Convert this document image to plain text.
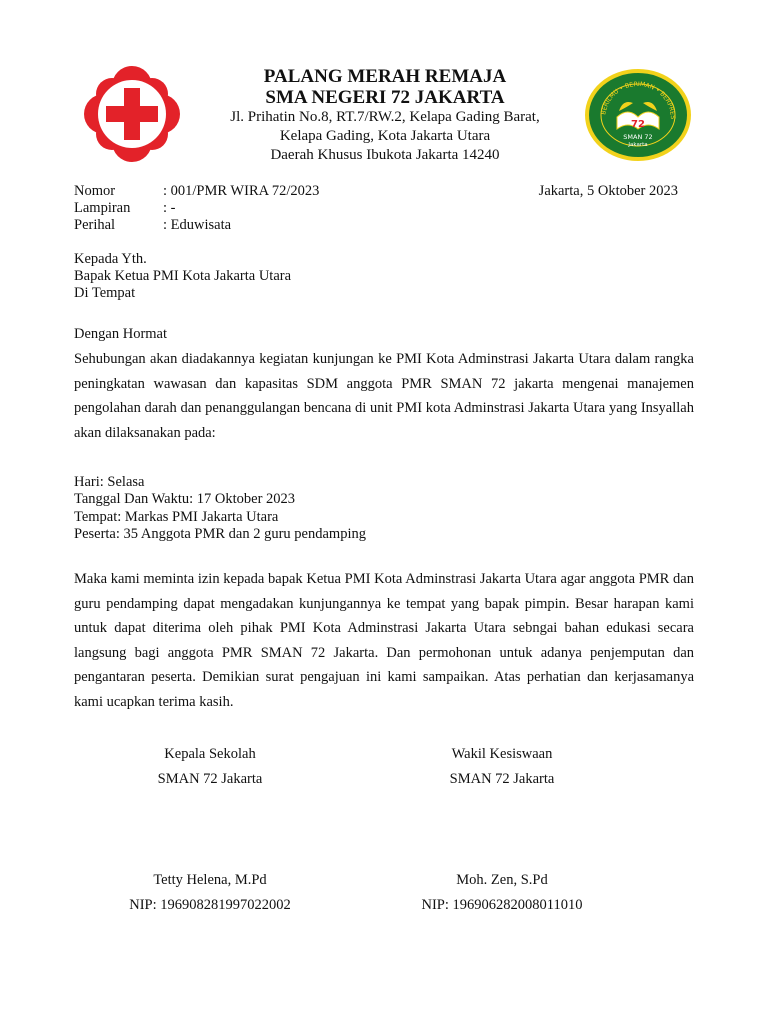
PALANG MERAH REMAJA
SMA NEGERI 72 JAKARTA
Jl. Prihatin No.8, RT.7/RW.2, Kelapa Gading Barat,
Kelapa Gading, Kota Jakarta Utara
Daerah Khusus Ibukota Jakarta 14240
BERILMU • BERIMAN • BERPRES
72
SMAN 72
Jakarta
Nomor	: 001/PMR WIRA 72/2023
Lampiran	: -
Perihal	: Eduwisata
Jakarta, 5 Oktober 2023
Kepada Yth.
Bapak Ketua PMI Kota Jakarta Utara
Di Tempat
Dengan Hormat
Sehubungan akan diadakannya kegiatan kunjungan ke PMI Kota Adminstrasi Jakarta Utara dalam rangka peningkatan wawasan dan kapasitas SDM anggota PMR SMAN 72 jakarta mengenai manajemen pengolahan darah dan penanggulangan bencana di unit PMI kota Adminstrasi Jakarta Utara yang Insyallah akan dilaksanakan pada:
Hari: Selasa
Tanggal Dan Waktu: 17 Oktober 2023
Tempat: Markas PMI Jakarta Utara
Peserta: 35 Anggota PMR dan 2 guru pendamping
Maka kami meminta izin kepada bapak Ketua PMI Kota Adminstrasi Jakarta Utara agar anggota PMR dan guru pendamping dapat mengadakan kunjungannya ke tempat yang bapak pimpin. Besar harapan kami untuk dapat diterima oleh pihak PMI Kota Adminstrasi Jakarta Utara sebngai bahan edukasi secara langsung bagi anggota PMR SMAN 72 Jakarta. Dan permohonan untuk adanya penjemputan dan pengantaran peserta. Demikian surat pengajuan ini kami sampaikan. Atas perhatian dan kerjasamanya kami ucapkan terima kasih.
Kepala Sekolah
SMAN 72 Jakarta
Tetty Helena, M.Pd
NIP: 196908281997022002
Wakil Kesiswaan
SMAN 72 Jakarta
Moh. Zen, S.Pd
NIP: 196906282008011010
